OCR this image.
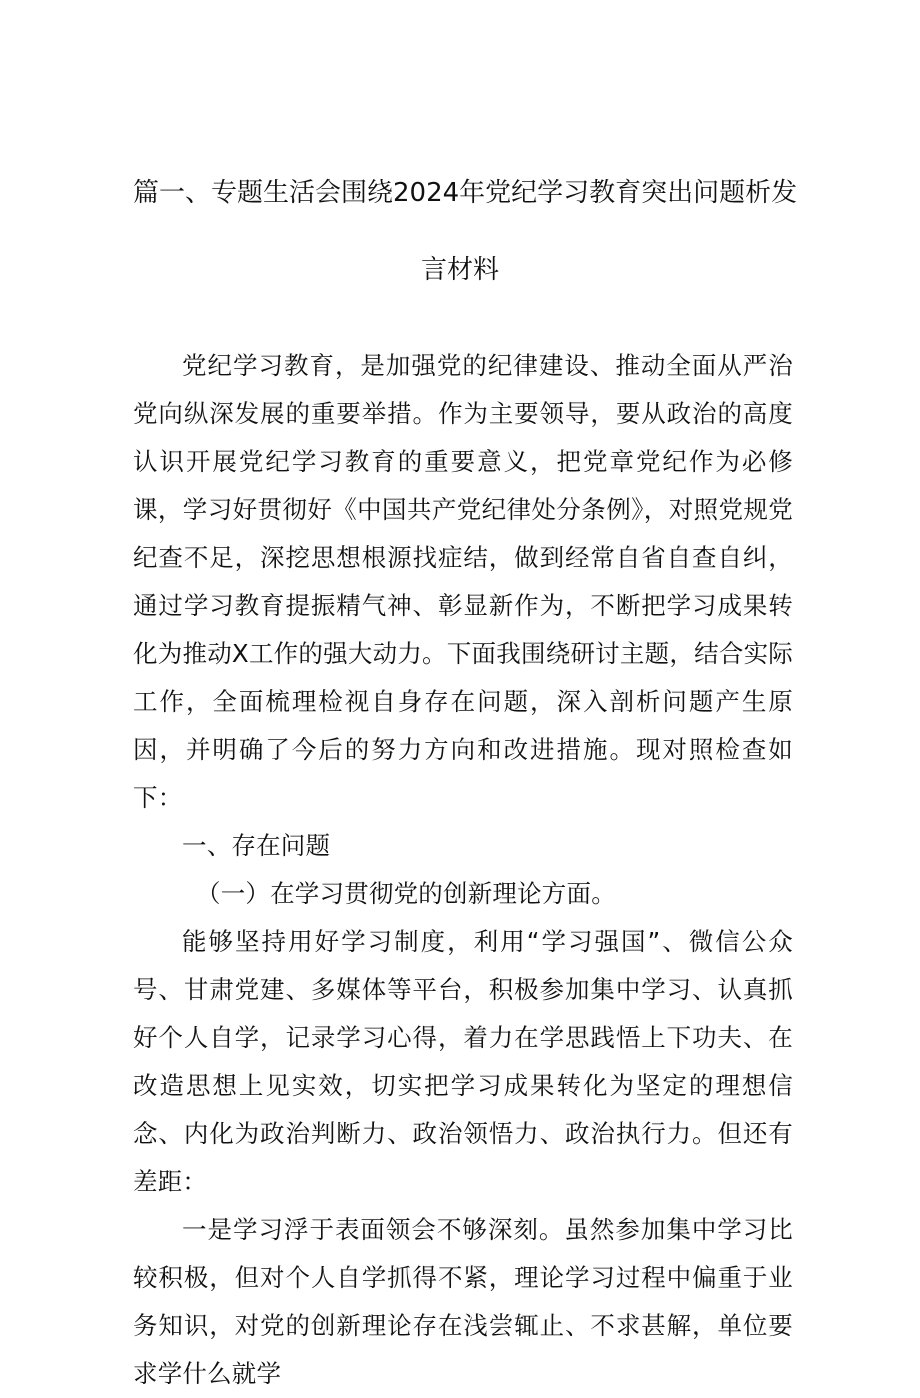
篇一、专题生活会围绕2024年党纪学习教育突出问题析发
言材料

党纪学习教育，是加强党的纪律建设、推动全面从严治党向纵深发展的重要举措。作为主要领导，要从政治的高度认识开展党纪学习教育的重要意义，把党章党纪作为必修课，学习好贯彻好《中国共产党纪律处分条例》，对照党规党纪查不足，深挖思想根源找症结，做到经常自省自查自纠，通过学习教育提振精气神、彰显新作为，不断把学习成果转化为推动X工作的强大动力。下面我围绕研讨主题，结合实际工作，全面梳理检视自身存在问题，深入剖析问题产生原因，并明确了今后的努力方向和改进措施。现对照检查如下：

一、存在问题

（一）在学习贯彻党的创新理论方面。

能够坚持用好学习制度，利用“学习强国”、微信公众号、甘肃党建、多媒体等平台，积极参加集中学习、认真抓好个人自学，记录学习心得，着力在学思践悟上下功夫、在改造思想上见实效，切实把学习成果转化为坚定的理想信念、内化为政治判断力、政治领悟力、政治执行力。但还有差距：

一是学习浮于表面领会不够深刻。虽然参加集中学习比较积极，但对个人自学抓得不紧，理论学习过程中偏重于业务知识，对党的创新理论存在浅尝辄止、不求甚解，单位要求学什么就学
